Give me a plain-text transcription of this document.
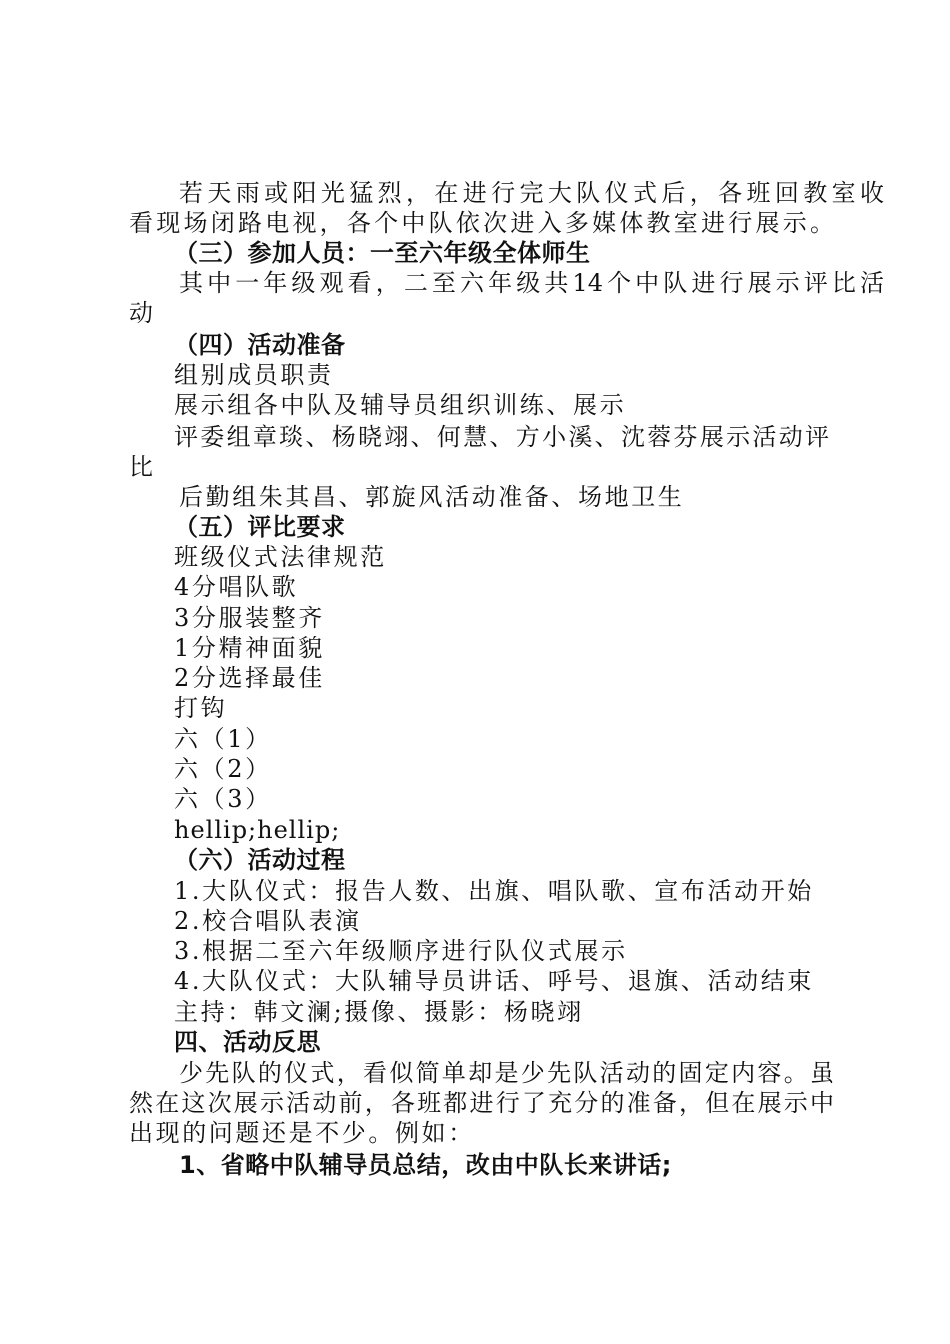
若天雨或阳光猛烈，在进行完大队仪式后，各班回教室收
看现场闭路电视，各个中队依次进入多媒体教室进行展示。
（三）参加人员：一至六年级全体师生
其中一年级观看，二至六年级共14个中队进行展示评比活
动
（四）活动准备
组别成员职责
展示组各中队及辅导员组织训练、展示
评委组章琰、杨晓翊、何慧、方小溪、沈蓉芬展示活动评
比
后勤组朱其昌、郭旋风活动准备、场地卫生
（五）评比要求
班级仪式法律规范
4分唱队歌
3分服装整齐
1分精神面貌
2分选择最佳
打钩
六（1）
六（2）
六（3）
hellip;hellip;
（六）活动过程
1.大队仪式：报告人数、出旗、唱队歌、宣布活动开始
2.校合唱队表演
3.根据二至六年级顺序进行队仪式展示
4.大队仪式：大队辅导员讲话、呼号、退旗、活动结束
主持：韩文澜;摄像、摄影：杨晓翊
四、活动反思
少先队的仪式，看似简单却是少先队活动的固定内容。虽
然在这次展示活动前，各班都进行了充分的准备，但在展示中
出现的问题还是不少。例如：
1、省略中队辅导员总结，改由中队长来讲话;
